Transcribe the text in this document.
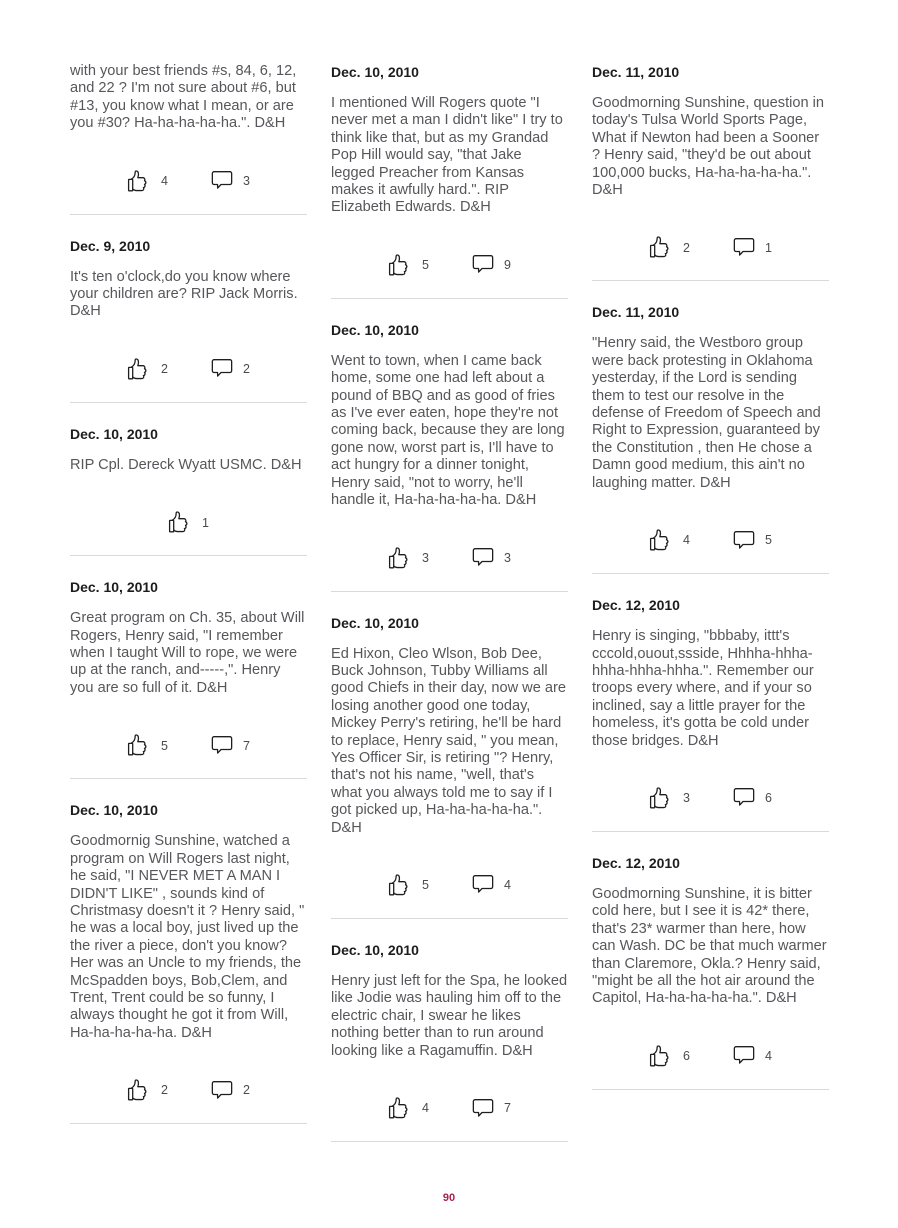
with your best friends #s, 84, 6, 12, and 22 ? I'm not sure about #6, but #13, you know what I mean, or are you #30? Ha-ha-ha-ha-ha.". D&H

4	3
Dec. 9, 2010

It's ten o'clock,do you know where your children are? RIP Jack Morris. D&H

2	2
Dec. 10, 2010

RIP Cpl. Dereck Wyatt USMC. D&H

1
Dec. 10, 2010

Great program on Ch. 35, about Will Rogers, Henry said, "I remember when I taught Will to rope, we were up at the ranch, and-----,". Henry you are so full of it. D&H

5	7
Dec. 10, 2010

Goodmornig Sunshine, watched a program on Will Rogers last night, he said, "I NEVER MET A MAN I DIDN'T LIKE" , sounds kind of Christmasy doesn't it ? Henry said, " he was a local boy, just lived up the the river a piece, don't you know? Her was an Uncle to my friends, the McSpadden boys, Bob,Clem, and Trent, Trent could be so funny, I always thought he got it from Will, Ha-ha-ha-ha-ha. D&H

2	2
Dec. 10, 2010

I mentioned Will Rogers quote "I never met a man I didn't like" I try to think like that, but as my Grandad Pop Hill would say, "that Jake legged Preacher from Kansas makes it awfully hard.". RIP Elizabeth Edwards. D&H

5	9
Dec. 10, 2010

Went to town, when I came back home, some one had left about a pound of BBQ and as good of fries as I've ever eaten, hope they're not coming back, because they are long gone now, worst part is, I'll have to act hungry for a dinner tonight, Henry said, "not to worry, he'll handle it, Ha-ha-ha-ha-ha. D&H

3	3
Dec. 10, 2010

Ed Hixon, Cleo Wlson, Bob Dee, Buck Johnson, Tubby Williams all good Chiefs in their day, now we are losing another good one today, Mickey Perry's retiring, he'll be hard to replace, Henry said, " you mean, Yes Officer Sir, is retiring "? Henry, that's not his name, "well, that's what you always told me to say if I got picked up, Ha-ha-ha-ha-ha.". D&H

5	4
Dec. 10, 2010

Henry just left for the Spa, he looked like Jodie was hauling him off to the electric chair, I swear he likes nothing better than to run around looking like a Ragamuffin. D&H

4	7
Dec. 11, 2010

Goodmorning Sunshine, question in today's Tulsa World Sports Page, What if Newton had been a Sooner ? Henry said, "they'd be out about 100,000 bucks, Ha-ha-ha-ha-ha.". D&H

2	1
Dec. 11, 2010

"Henry said, the Westboro group were back protesting in Oklahoma yesterday, if the Lord is sending them to test our resolve in the defense of Freedom of Speech and Right to Expression, guaranteed by the Constitution , then He chose a Damn good medium, this ain't no laughing matter. D&H

4	5
Dec. 12, 2010

Henry is singing, "bbbaby, ittt's cccold,ouout,ssside, Hhhha-hhha-hhha-hhha-hhha.". Remember our troops every where, and if your so inclined, say a little prayer for the homeless, it's gotta be cold under those bridges. D&H

3	6
Dec. 12, 2010

Goodmorning Sunshine, it is bitter cold here, but I see it is 42* there, that's 23* warmer than here, how can Wash. DC be that much warmer than Claremore, Okla.? Henry said, "might be all the hot air around the Capitol, Ha-ha-ha-ha-ha.". D&H

6	4
90
